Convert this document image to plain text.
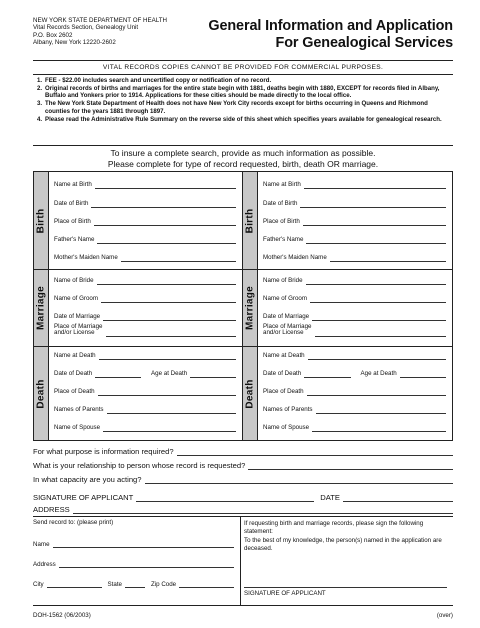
NEW YORK STATE DEPARTMENT OF HEALTH
Vital Records Section, Genealogy Unit
P.O. Box 2602
Albany, New York 12220-2602
General Information and Application
For Genealogical Services
VITAL RECORDS COPIES CANNOT BE PROVIDED FOR COMMERCIAL PURPOSES.
1. FEE - $22.00 includes search and uncertified copy or notification of no record.
2. Original records of births and marriages for the entire state begin with 1881, deaths begin with 1880, EXCEPT for records filed in Albany, Buffalo and Yonkers prior to 1914. Applications for these cities should be made directly to the local office.
3. The New York State Department of Health does not have New York City records except for births occurring in Queens and Richmond counties for the years 1881 through 1897.
4. Please read the Administrative Rule Summary on the reverse side of this sheet which specifies years available for genealogical research.
To insure a complete search, provide as much information as possible.
Please complete for type of record requested, birth, death OR marriage.
Birth
Name at Birth
Date of Birth
Place of Birth
Father's Name
Mother's Maiden Name
Birth
Name at Birth
Date of Birth
Place of Birth
Father's Name
Mother's Maiden Name
Marriage
Name of Bride
Name of Groom
Date of Marriage
Place of Marriage
and/or License
Marriage
Name of Bride
Name of Groom
Date of Marriage
Place of Marriage
and/or License
Death
Name at Death
Date of Death	Age at Death
Place of Death
Names of Parents
Name of Spouse
Death
Name at Death
Date of Death	Age at Death
Place of Death
Names of Parents
Name of Spouse
For what purpose is information required?
What is your relationship to person whose record is requested?
In what capacity are you acting?
SIGNATURE OF APPLICANT	DATE
ADDRESS
Send record to: (please print)
Name
Address
City	State	Zip Code
If requesting birth and marriage records, please sign the following statement:
To the best of my knowledge, the person(s) named in the application are deceased.
SIGNATURE OF APPLICANT
DOH-1562 (06/2003)	(over)
